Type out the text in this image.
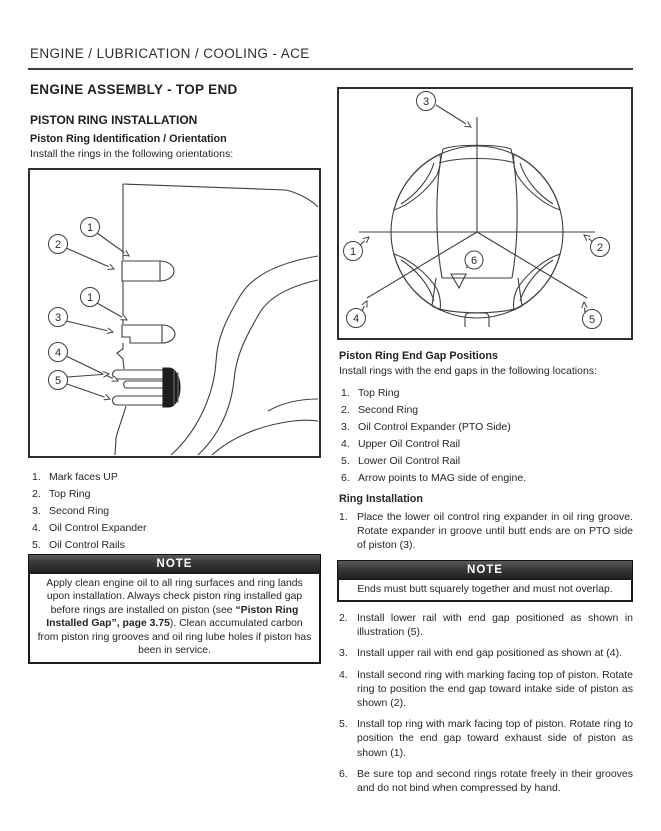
ENGINE / LUBRICATION / COOLING - ACE
ENGINE ASSEMBLY - TOP END
PISTON RING INSTALLATION
Piston Ring Identification / Orientation

Install the rings in the following orientations:

1
2
1
3
4
5
1. Mark faces UP
2. Top Ring
3. Second Ring
4. Oil Control Expander
5. Oil Control Rails
NOTE
Apply clean engine oil to all ring surfaces and ring lands upon installation. Always check piston ring installed gap before rings are installed on piston (see “Piston Ring Installed Gap”, page 3.75). Clean accumulated carbon from piston ring grooves and oil ring lube holes if piston has been in service.
3
1	2
4	5
6
Piston Ring End Gap Positions

Install rings with the end gaps in the following locations:

1. Top Ring
2. Second Ring
3. Oil Control Expander (PTO Side)
4. Upper Oil Control Rail
5. Lower Oil Control Rail
6. Arrow points to MAG side of engine.
Ring Installation
1. Place the lower oil control ring expander in oil ring groove. Rotate expander in groove until butt ends are on PTO side of piston (3).

NOTE
Ends must butt squarely together and must not overlap.
2. Install lower rail with end gap positioned as shown in illustration (5).

3. Install upper rail with end gap positioned as shown at (4).

4. Install second ring with marking facing top of piston. Rotate ring to position the end gap toward intake side of piston as shown (2).

5. Install top ring with mark facing top of piston. Rotate ring to position the end gap toward exhaust side of piston as shown (1).

6. Be sure top and second rings rotate freely in their grooves and do not bind when compressed by hand.
